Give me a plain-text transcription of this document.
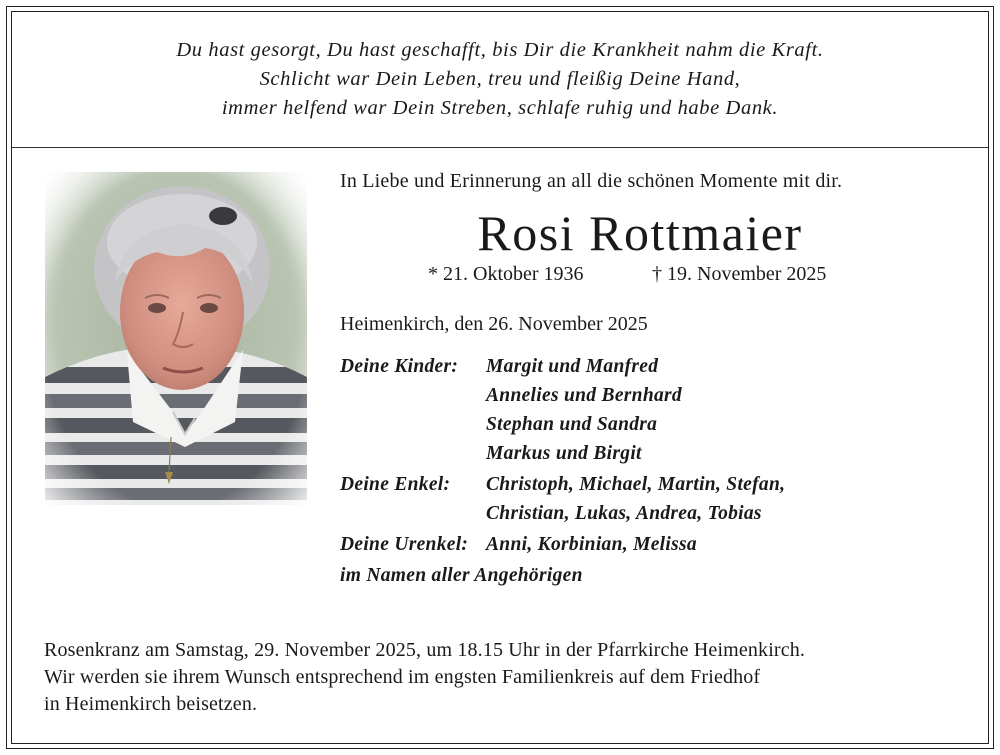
Du hast gesorgt, Du hast geschafft, bis Dir die Krankheit nahm die Kraft.
Schlicht war Dein Leben, treu und fleißig Deine Hand,
immer helfend war Dein Streben, schlafe ruhig und habe Dank.
In Liebe und Erinnerung an all die schönen Momente mit dir.
Rosi Rottmaier
* 21. Oktober 1936	† 19. November 2025
Heimenkirch, den 26. November 2025
Deine Kinder: Margit und Manfred
Annelies und Bernhard
Stephan und Sandra
Markus und Birgit
Deine Enkel: Christoph, Michael, Martin, Stefan,
Christian, Lukas, Andrea, Tobias
Deine Urenkel: Anni, Korbinian, Melissa
im Namen aller Angehörigen
Rosenkranz am Samstag, 29. November 2025, um 18.15 Uhr in der Pfarrkirche Heimenkirch.
Wir werden sie ihrem Wunsch entsprechend im engsten Familienkreis auf dem Friedhof
in Heimenkirch beisetzen.
